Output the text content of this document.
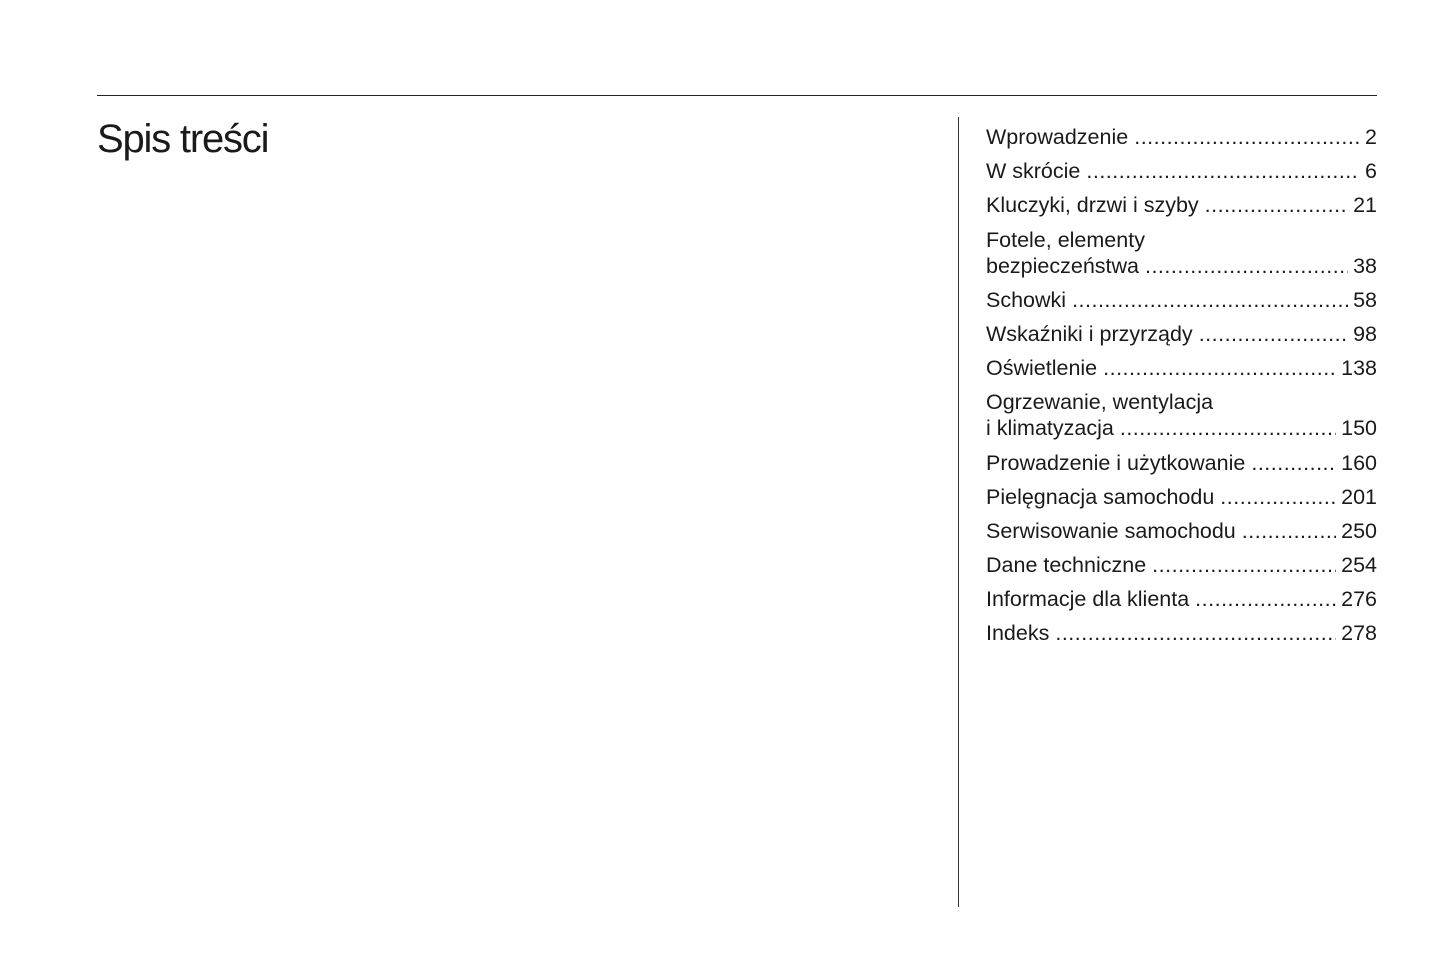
Spis treści	Wprowadzenie .....	2
W skrócie .....	6
Kluczyki, drzwi i szyby .....	21
Fotele, elementy
bezpieczeństwa .....	38
Schowki .....	58
Wskaźniki i przyrządy .....	98
Oświetlenie .....	138
Ogrzewanie, wentylacja
i klimatyzacja .....	150
Prowadzenie i użytkowanie .....	160
Pielęgnacja samochodu .....	201
Serwisowanie samochodu .....	250
Dane techniczne .....	254
Informacje dla klienta .....	276
Indeks .....	278
